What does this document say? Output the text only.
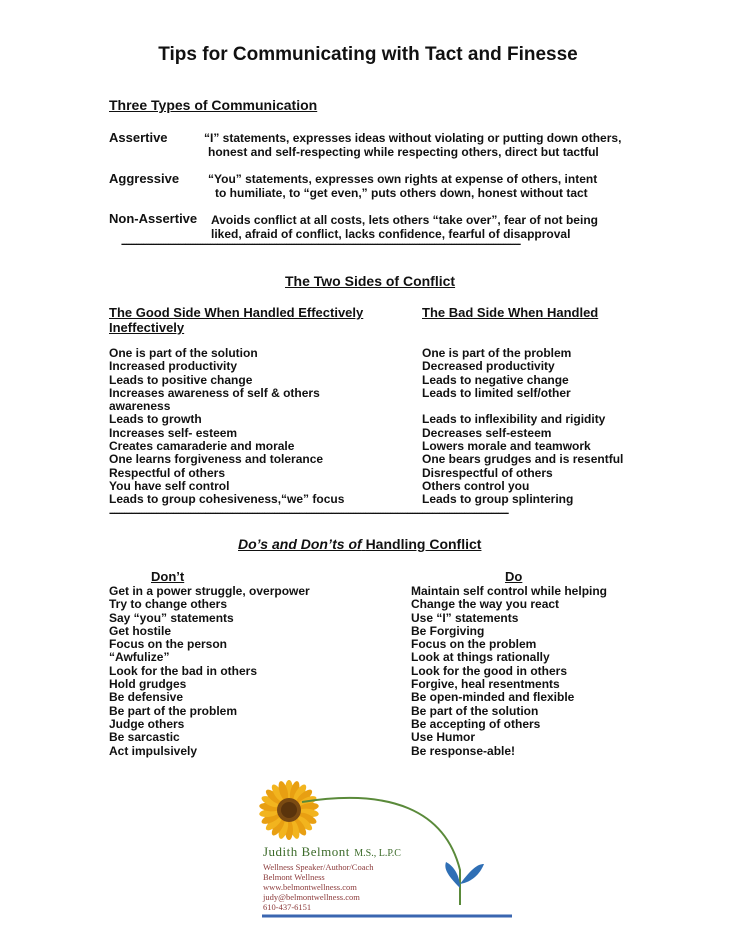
Tips for Communicating with Tact and Finesse
Three Types of Communication
Assertive	“I” statements, expresses ideas without violating or putting down others,
honest and self-respecting while respecting others, direct but tactful
Aggressive “You” statements, expresses own rights at expense of others, intent
to humiliate, to “get even,” puts others down, honest without tact
Non-Assertive Avoids conflict at all costs, lets others “take over”, fear of not being
liked, afraid of conflict, lacks confidence, fearful of disapproval
------------------------------------------------------------------------------------------------------------------------------------------------------------------
The Two Sides of Conflict
The Good Side When Handled Effectively
Ineffectively
The Bad Side When Handled
One is part of the solution
Increased productivity
Leads to positive change
Increases awareness of self & others
awareness
Leads to growth
Increases self- esteem
Creates camaraderie and morale
One learns forgiveness and tolerance
Respectful of others
You have self control
Leads to group cohesiveness,“we” focus
One is part of the problem
Decreased productivity
Leads to negative change
Leads to limited self/other
Leads to inflexibility and rigidity
Decreases self-esteem
Lowers morale and teamwork
One bears grudges and is resentful
Disrespectful of others
Others control you
Leads to group splintering
------------------------------------------------------------------------------------------------------------------------------------------------------------------
Do’s and Don’ts of Handling Conflict
Don’t	Do
Get in a power struggle, overpower
Try to change others
Say “you” statements
Get hostile
Focus on the person
“Awfulize”
Look for the bad in others
Hold grudges
Be defensive
Be part of the problem
Judge others
Be sarcastic
Act impulsively
Maintain self control while helping
Change the way you react
Use “I” statements
Be Forgiving
Focus on the problem
Look at things rationally
Look for the good in others
Forgive, heal resentments
Be open-minded and flexible
Be part of the solution
Be accepting of others
Use Humor
Be response-able!
Judith Belmont M.S., L.P.C
Wellness Speaker/Author/Coach
Belmont Wellness
www.belmontwellness.com
judy@belmontwellness.com
610-437-6151
